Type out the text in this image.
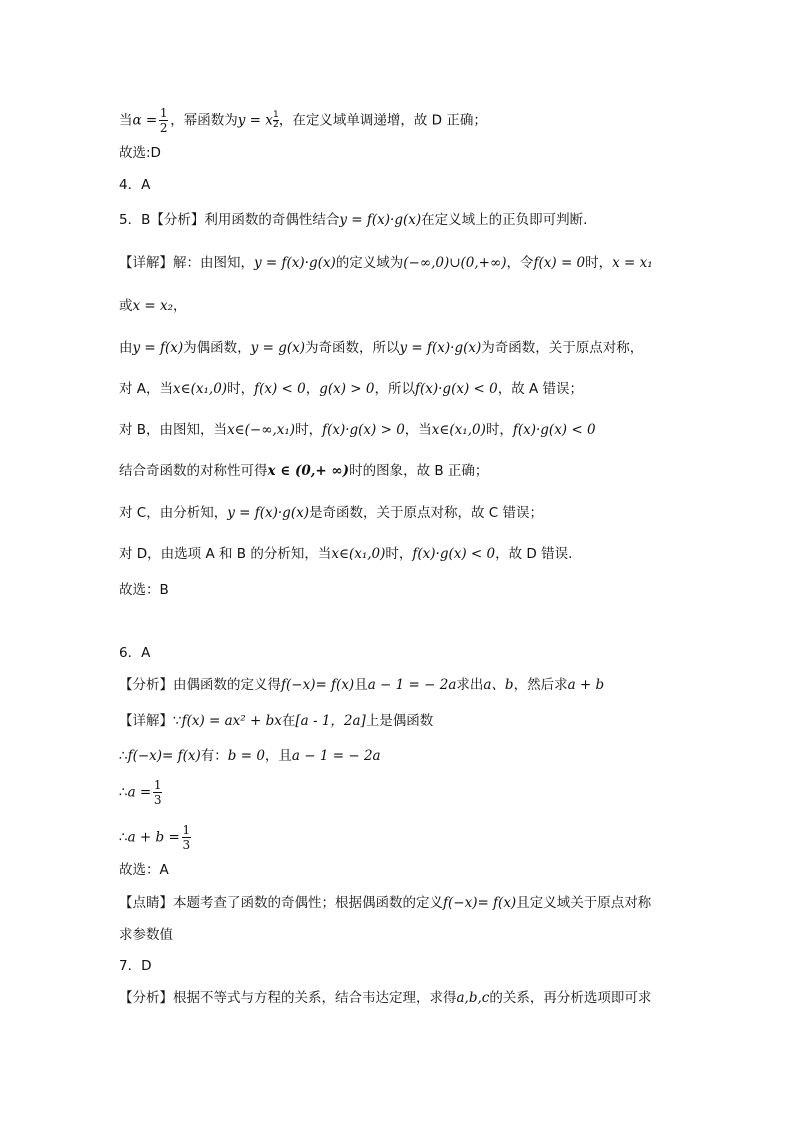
当$\alpha = \frac{1}{2}$ ，幂函数为y = x $^{\frac{1}{2}}$ ，在定义域单调递增，故 D 正确；
故选:D
4．A
5．B【分析】利用函数的奇偶性结合y = f(x)·g(x)在定义域上的正负即可判断.
【详解】解：由图知，y = f(x)·g(x)的定义域为(−∞,0)∪(0,+∞)，令f(x) = 0时，x = x₁
或x = x₂，
由y = f(x)为偶函数，y = g(x)为奇函数，所以y = f(x)·g(x)为奇函数，关于原点对称，
对 A，当x∈(x₁,0)时，f(x) < 0，g(x) > 0，所以f(x)·g(x) < 0，故 A 错误；
对 B，由图知，当x∈(−∞,x₁)时，f(x)·g(x) > 0，当x∈(x₁,0)时，f(x)·g(x) < 0
结合奇函数的对称性可得x ∈ (0,+ ∞)时的图象，故 B 正确；
对 C，由分析知，y = f(x)·g(x)是奇函数，关于原点对称，故 C 错误；
对 D，由选项 A 和 B 的分析知，当x∈(x₁,0)时，f(x)·g(x) < 0，故 D 错误.
故选：B
6．A
【分析】由偶函数的定义得f(−x)= f(x)且a − 1 = − 2a求出a、b，然后求a + b
【详解】∵f(x) = ax² + bx在[a - 1，2a]上是偶函数
∴f(−x)= f(x)有：b = 0，且a − 1 = − 2a
∴a = $\frac{1}{3}$
∴a + $b = \frac{1}{3}$
故选：A
【点睛】本题考查了函数的奇偶性；根据偶函数的定义f(−x)= f(x)且定义域关于原点对称
求参数值
7．D
【分析】根据不等式与方程的关系，结合韦达定理，求得a,b,c的关系，再分析选项即可求
